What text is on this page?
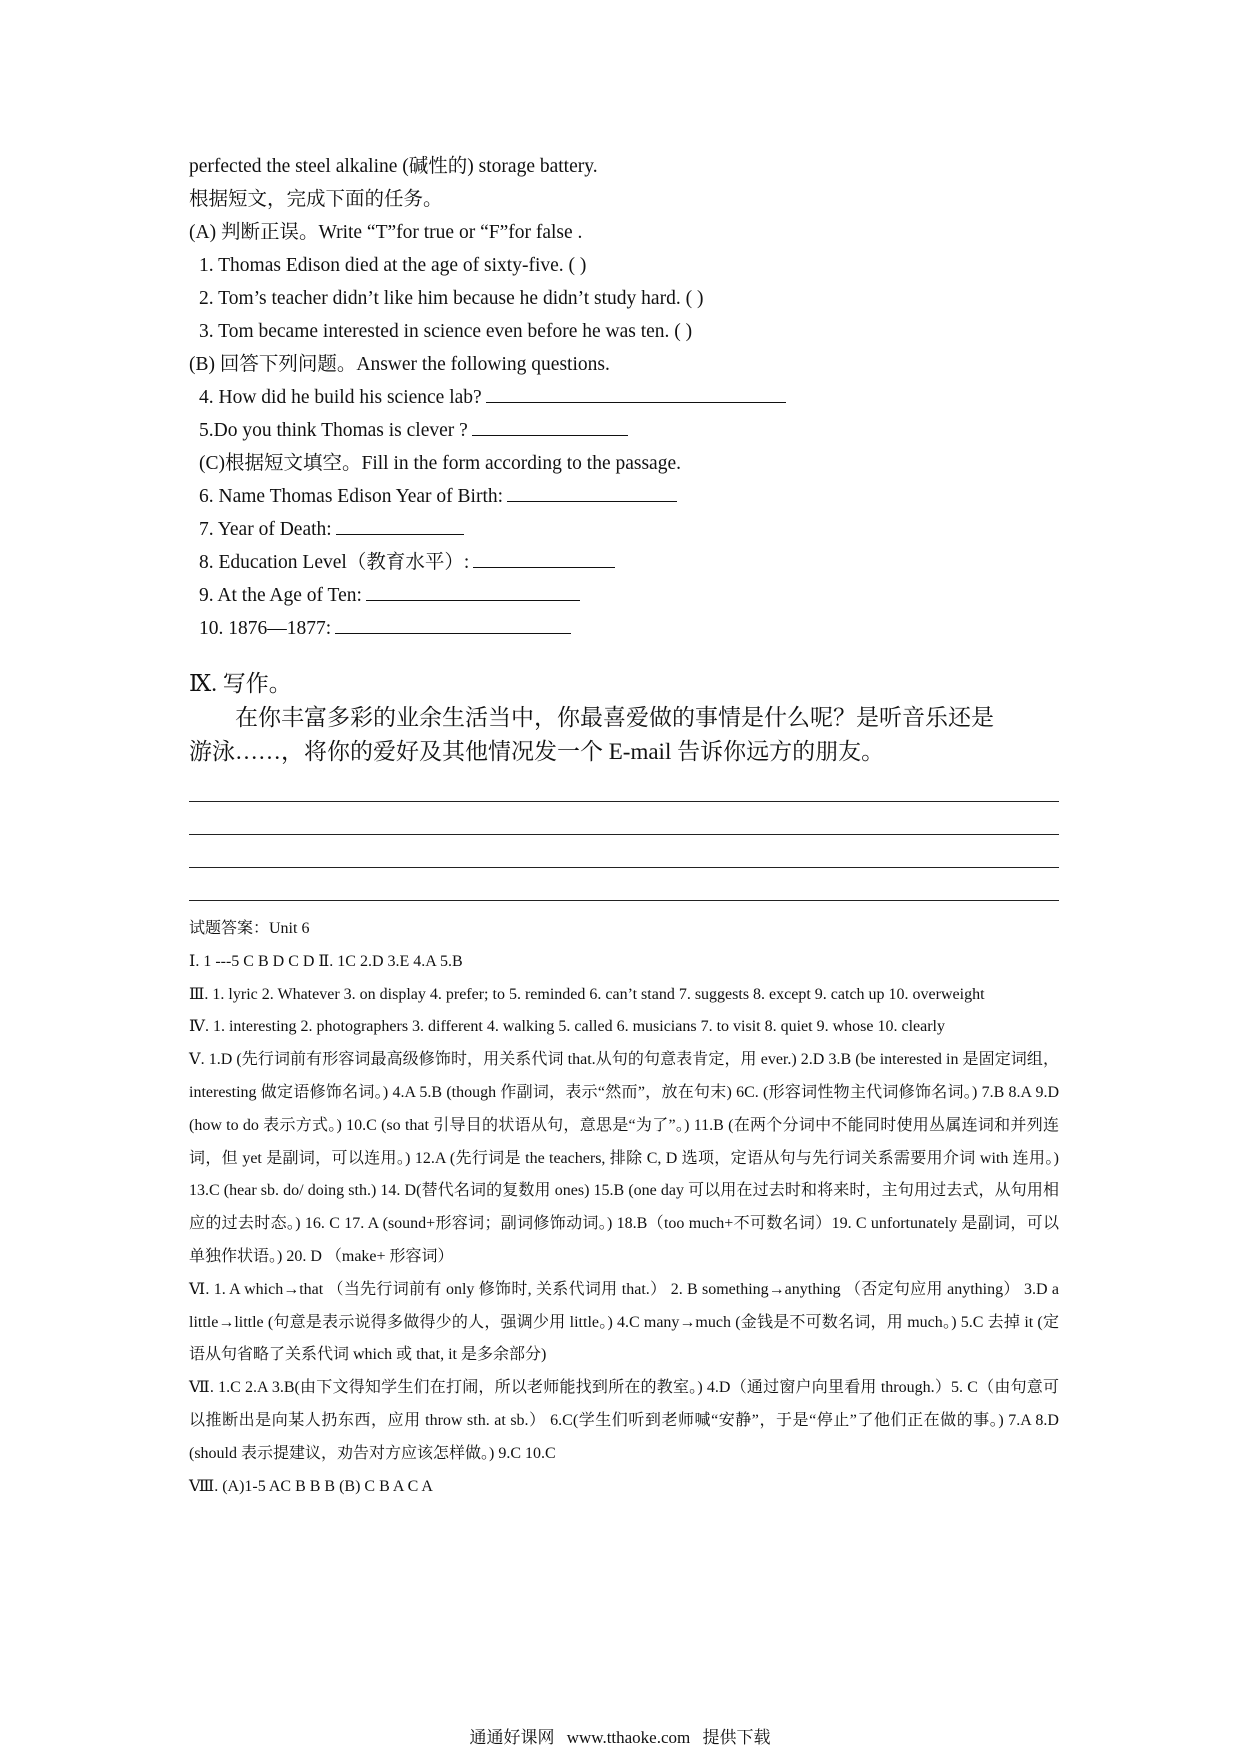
perfected the steel alkaline (碱性的) storage battery.
根据短文，完成下面的任务。
(A) 判断正误。Write “T”for true or “F”for false .
1. Thomas Edison died at the age of sixty-five. ( )
2. Tom’s teacher didn’t like him because he didn’t study hard. ( )
3. Tom became interested in science even before he was ten. ( )
(B) 回答下列问题。Answer the following questions.
4. How did he build his science lab?
5.Do you think Thomas is clever ?
(C)根据短文填空。Fill in the form according to the passage.
6. Name Thomas Edison Year of Birth:
7. Year of Death:
8. Education Level（教育水平）:
9. At the Age of Ten:
10. 1876—1877:
Ⅸ. 写作。
在你丰富多彩的业余生活当中，你最喜爱做的事情是什么呢？是听音乐还是
游泳……，将你的爱好及其他情况发一个 E-mail 告诉你远方的朋友。
试题答案：Unit 6
Ⅰ. 1 ---5 C B D C D Ⅱ. 1C 2.D 3.E 4.A 5.B
Ⅲ. 1. lyric 2. Whatever 3. on display 4. prefer; to 5. reminded 6. can’t stand 7. suggests 8. except 9. catch up 10. overweight
Ⅳ. 1. interesting 2. photographers 3. different 4. walking 5. called 6. musicians 7. to visit 8. quiet 9. whose 10. clearly
Ⅴ. 1.D (先行词前有形容词最高级修饰时，用关系代词 that.从句的句意表肯定，用 ever.) 2.D 3.B (be interested in 是固定词组，interesting 做定语修饰名词。) 4.A 5.B (though 作副词，表示“然而”，放在句末) 6C. (形容词性物主代词修饰名词。) 7.B 8.A 9.D (how to do 表示方式。) 10.C (so that 引导目的状语从句，意思是“为了”。) 11.B (在两个分词中不能同时使用丛属连词和并列连词，但 yet 是副词，可以连用。) 12.A (先行词是 the teachers, 排除 C, D 选项，定语从句与先行词关系需要用介词 with 连用。) 13.C (hear sb. do/ doing sth.) 14. D(替代名词的复数用 ones) 15.B (one day 可以用在过去时和将来时，主句用过去式，从句用相应的过去时态。) 16. C 17. A (sound+形容词；副词修饰动词。) 18.B（too much+不可数名词）19. C unfortunately 是副词，可以单独作状语。) 20. D （make+ 形容词）
Ⅵ. 1. A which→that （当先行词前有 only 修饰时, 关系代词用 that.） 2. B something→anything （否定句应用 anything） 3.D a little→little (句意是表示说得多做得少的人，强调少用 little。) 4.C many→much (金钱是不可数名词，用 much。) 5.C 去掉 it (定语从句省略了关系代词 which 或 that, it 是多余部分)
Ⅶ. 1.C 2.A 3.B(由下文得知学生们在打闹，所以老师能找到所在的教室。) 4.D（通过窗户向里看用 through.）5. C（由句意可以推断出是向某人扔东西，应用 throw sth. at sb.） 6.C(学生们听到老师喊“安静”，于是“停止”了他们正在做的事。) 7.A 8.D (should 表示提建议，劝告对方应该怎样做。) 9.C 10.C
Ⅷ. (A)1-5 AC B B B (B) C B A C A
通通好课网 www.tthaoke.com 提供下载
